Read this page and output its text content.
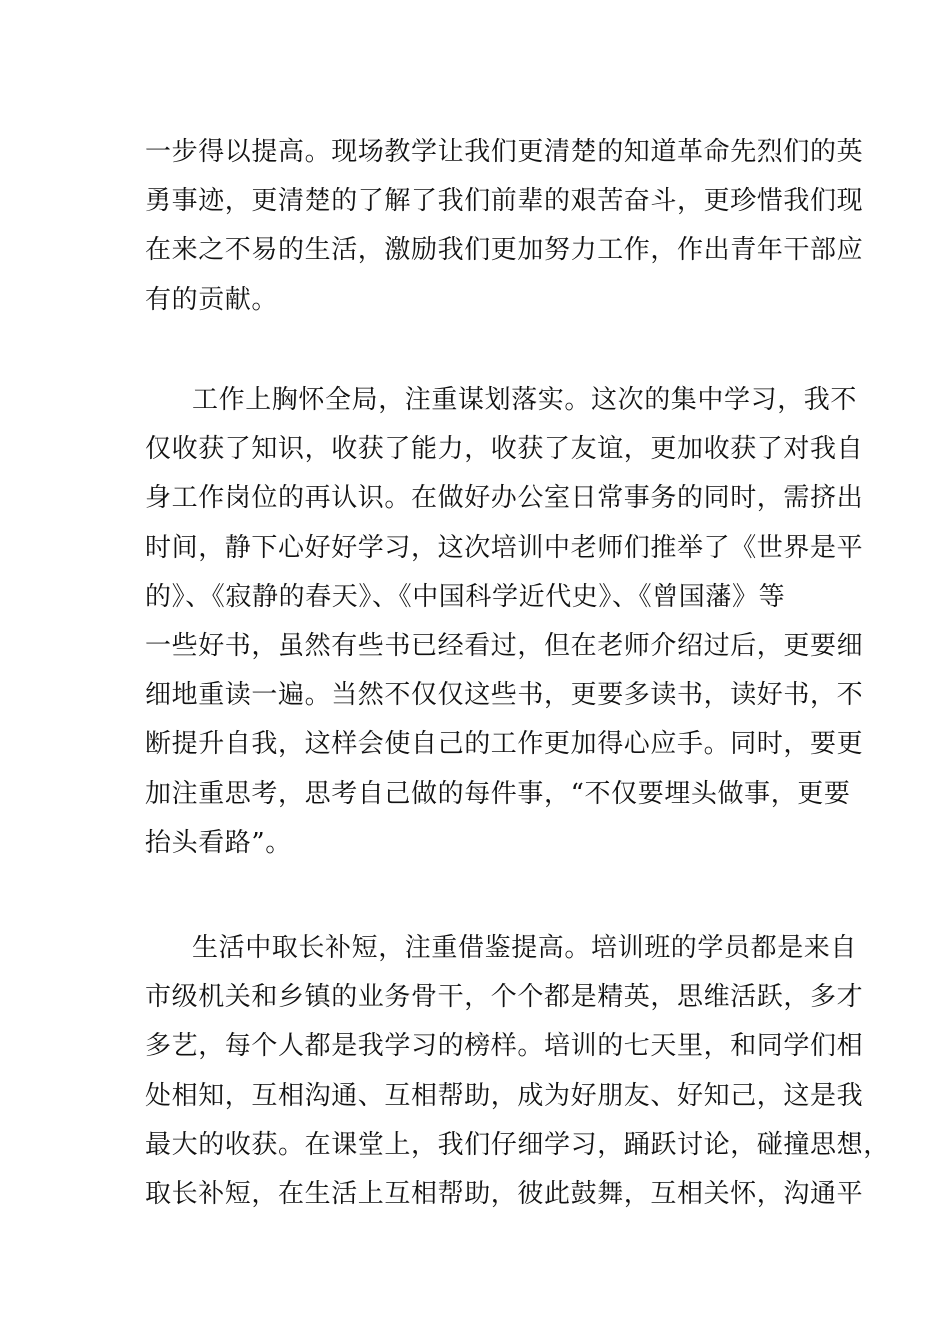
一步得以提高。现场教学让我们更清楚的知道革命先烈们的英
勇事迹，更清楚的了解了我们前辈的艰苦奋斗，更珍惜我们现
在来之不易的生活，激励我们更加努力工作，作出青年干部应
有的贡献。
工作上胸怀全局，注重谋划落实。这次的集中学习，我不
仅收获了知识，收获了能力，收获了友谊，更加收获了对我自
身工作岗位的再认识。在做好办公室日常事务的同时，需挤出
时间，静下心好好学习，这次培训中老师们推举了《世界是平
的》、《寂静的春天》、《中国科学近代史》、《曾国藩》等
一些好书，虽然有些书已经看过，但在老师介绍过后，更要细
细地重读一遍。当然不仅仅这些书，更要多读书，读好书，不
断提升自我，这样会使自己的工作更加得心应手。同时，要更
加注重思考，思考自己做的每件事，“不仅要埋头做事，更要
抬头看路”。
生活中取长补短，注重借鉴提高。培训班的学员都是来自
市级机关和乡镇的业务骨干，个个都是精英，思维活跃，多才
多艺，每个人都是我学习的榜样。培训的七天里，和同学们相
处相知，互相沟通、互相帮助，成为好朋友、好知己，这是我
最大的收获。在课堂上，我们仔细学习，踊跃讨论，碰撞思想，
取长补短，在生活上互相帮助，彼此鼓舞，互相关怀，沟通平
